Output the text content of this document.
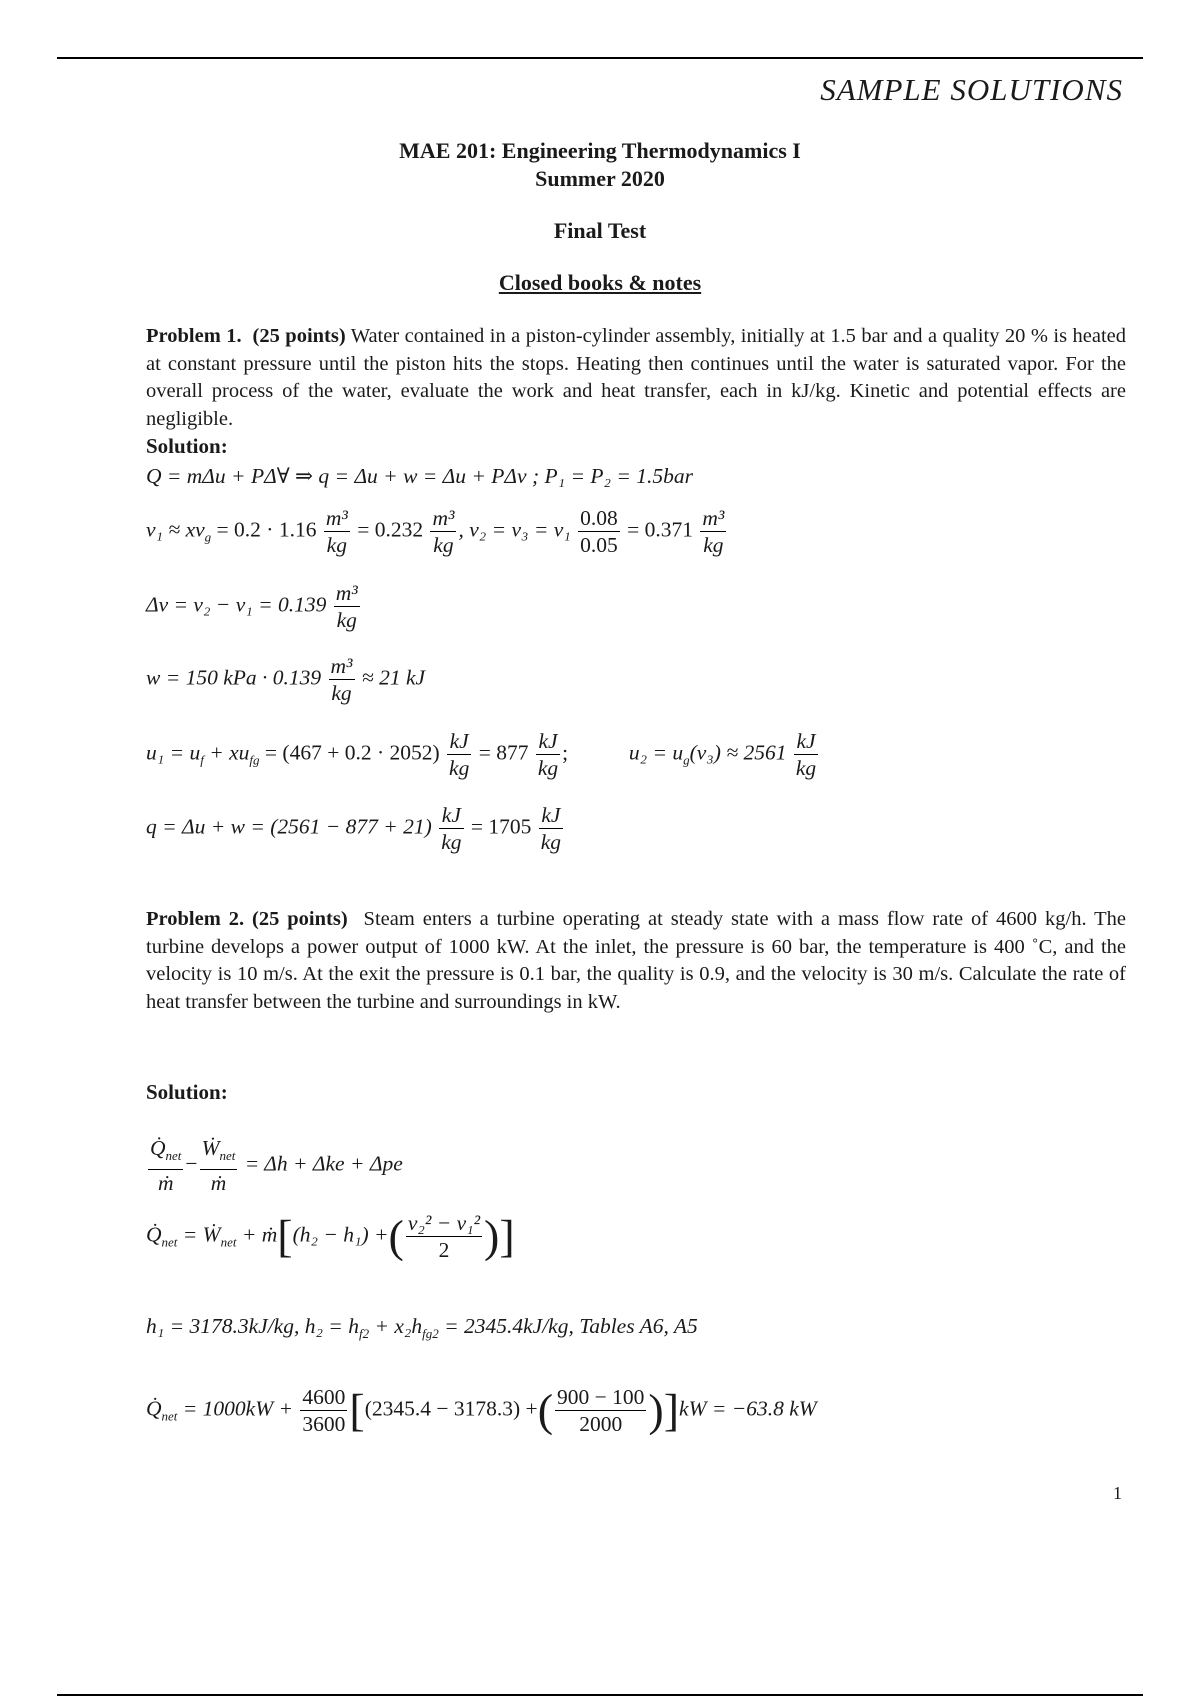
SAMPLE SOLUTIONS
MAE 201: Engineering Thermodynamics I
Summer 2020
Final Test
Closed books & notes
Problem 1. (25 points) Water contained in a piston-cylinder assembly, initially at 1.5 bar and a quality 20 % is heated at constant pressure until the piston hits the stops. Heating then continues until the water is saturated vapor. For the overall process of the water, evaluate the work and heat transfer, each in kJ/kg. Kinetic and potential effects are negligible.
Solution:
Q = mΔu + PΔ∀ ⇒ q = Δu + w = Δu + PΔv ; P₁ = P₂ = 1.5bar
$v_1 \approx xv_g = 0.2 \cdot 1.16 \frac{\text{m³}}{kg} = 0.232 \frac{\text{m³}}{kg}$ , $v_2 = v_3 = v_1 \frac{0.08}{0.05} = 0.371 \frac{\text{m³}}{kg}$
$\Delta v = v_2 - v_1 = 0.139 \frac{\text{m³}}{kg}$
w = 150 kPa · $0.139 \frac{\text{m³}}{kg} \approx 21$ kJ
$u_1 = u_f + xu_{fg} = (467 + 0.2 \cdot 2052) \frac{kJ}{kg} = 877 \frac{kJ}{kg}$ ;	$u_2 = u_g(v_3) \approx 2561 \frac{kJ}{kg}$
$q = \Delta u + w = (2561 - 877 + 21) \frac{kJ}{kg} = 1705 \frac{kJ}{kg}$
Problem 2. (25 points) Steam enters a turbine operating at steady state with a mass flow rate of 4600 kg/h. The turbine develops a power output of 1000 kW. At the inlet, the pressure is 60 bar, the temperature is 400 ˚C, and the velocity is 10 m/s. At the exit the pressure is 0.1 bar, the quality is 0.9, and the velocity is 30 m/s. Calculate the rate of heat transfer between the turbine and surroundings in kW.
Solution:
$\frac{Q̇_{net}}{\text{ṁ}} - \frac{Ẇ_{net}}{\text{ṁ}} = \Delta h + \Delta ke + \Delta pe$
$Q̇_{net}$ = Ẇ$_{net}$ + ṁ[(h₂ − h₁) +( $\frac{\text{v₂² − v₁²}}{2}$ )]
h₁ = 3178.3kJ/kg, $h_2 = h_{f2} + x_2h_{fg2} = 2345.4kJ/kg$, Tables A6, A5
$Q̇_{net} = 1000kW + \frac{4600}{3600} [(2345.4 - 3178.3)$ +( $\frac{900 - 100}{2000} )]kW = -63.8$ kW
1
